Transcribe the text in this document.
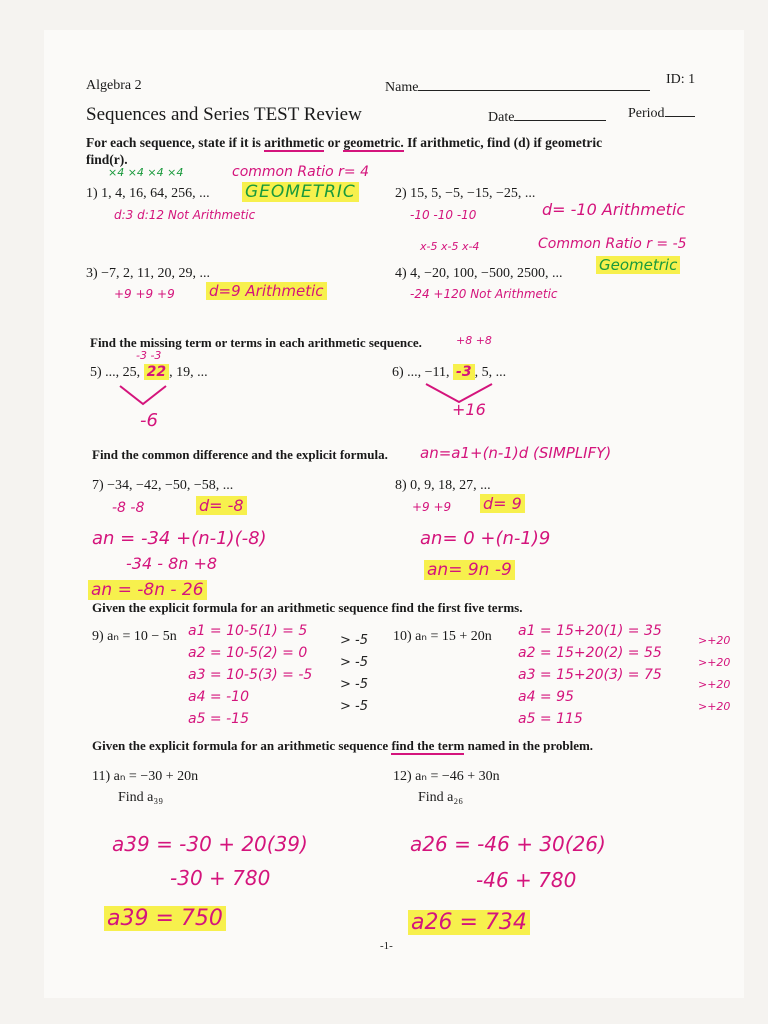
Algebra 2	Name
ID: 1
Sequences and Series TEST Review	Date	Period
For each sequence, state if it is arithmetic or geometric. If arithmetic, find (d) if geometric
find(r).
×4 ×4 ×4 ×4	common Ratio r= 4
1) 1, 4, 16, 64, 256, ... GEOMETRIC
d:3 d:12 Not Arithmetic
2) 15, 5, −5, −15, −25, ...
-10 -10 -10	d= -10 Arithmetic
x-5 x-5 x-4	Common Ratio r = -5
Geometric
3) −7, 2, 11, 20, 29, ...
+9 +9 +9 d=9 Arithmetic
4) 4, −20, 100, −500, 2500, ...
-24 +120 Not Arithmetic
Find the missing term or terms in each arithmetic sequence.
-3 -3
5) ..., 25, 22 , 19, ...
-6
+8 +8
6) ..., −11, -3 , 5, ...
+16
Find the common difference and the explicit formula. an=a1+(n-1)d (SIMPLIFY)
7) −34, −42, −50, −58, ...
-8 -8	d= -8
an = -34 +(n-1)(-8)
-34 - 8n +8
an = -8n - 26
8) 0, 9, 18, 27, ...
+9 +9 d= 9
an= 0 +(n-1)9
an= 9n -9
Given the explicit formula for an arithmetic sequence find the first five terms.
9) aₙ = 10 − 5n a1 = 10-5(1) = 5
a2 = 10-5(2) = 0
a3 = 10-5(3) = -5
a4 = -10
a5 = -15
> -5
> -5
> -5
> -5
10) aₙ = 15 + 20n a1 = 15+20(1) = 35
a2 = 15+20(2) = 55
a3 = 15+20(3) = 75
a4 = 95
a5 = 115
>+20
>+20
>+20
>+20
Given the explicit formula for an arithmetic sequence find the term named in the problem.
11) aₙ = −30 + 20n
Find a₃₉
a39 = -30 + 20(39)
-30 + 780
a39 = 750
12) aₙ = −46 + 30n
Find a₂₆
a26 = -46 + 30(26)
-46 + 780
a26 = 734
-1-
